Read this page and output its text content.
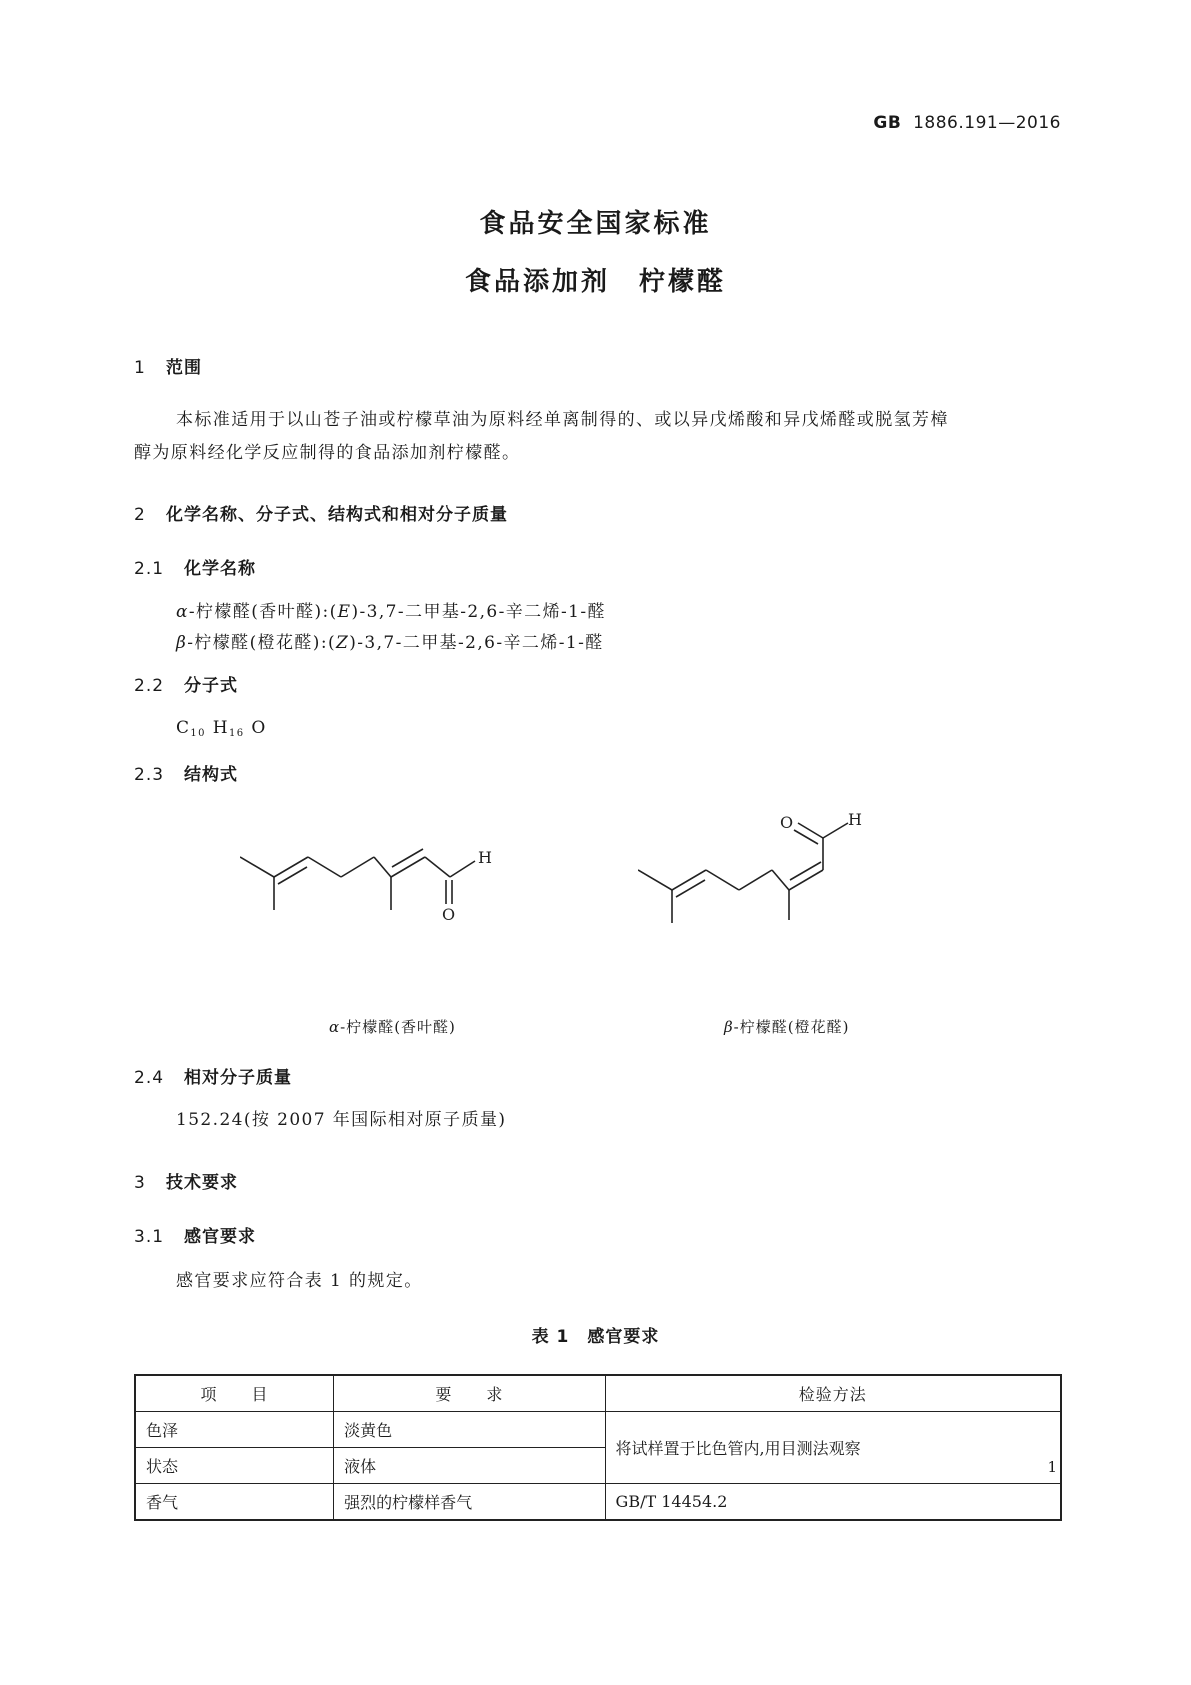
GB 1886.191—2016
食品安全国家标准
食品添加剂　柠檬醛
1 范围
本标准适用于以山苍子油或柠檬草油为原料经单离制得的、或以异戊烯酸和异戊烯醛或脱氢芳樟
醇为原料经化学反应制得的食品添加剂柠檬醛。
2 化学名称、分子式、结构式和相对分子质量
2.1 化学名称
α-柠檬醛(香叶醛):(E)-3,7-二甲基-2,6-辛二烯-1-醛
β-柠檬醛(橙花醛):(Z)-3,7-二甲基-2,6-辛二烯-1-醛
2.2 分子式
$C_{10}$ $H_{16}$ O
2.3 结构式
H
O
O	H
α-柠檬醛(香叶醛)	β-柠檬醛(橙花醛)
2.4 相对分子质量
152.24(按 2007 年国际相对原子质量)
3 技术要求
3.1 感官要求
感官要求应符合表 1 的规定。
表 1　感官要求
项　　目	要　　求	检验方法
色泽	淡黄色	将试样置于比色管内,用目测法观察
状态	液体	
香气	强烈的柠檬样香气	GB/T 14454.2
1
